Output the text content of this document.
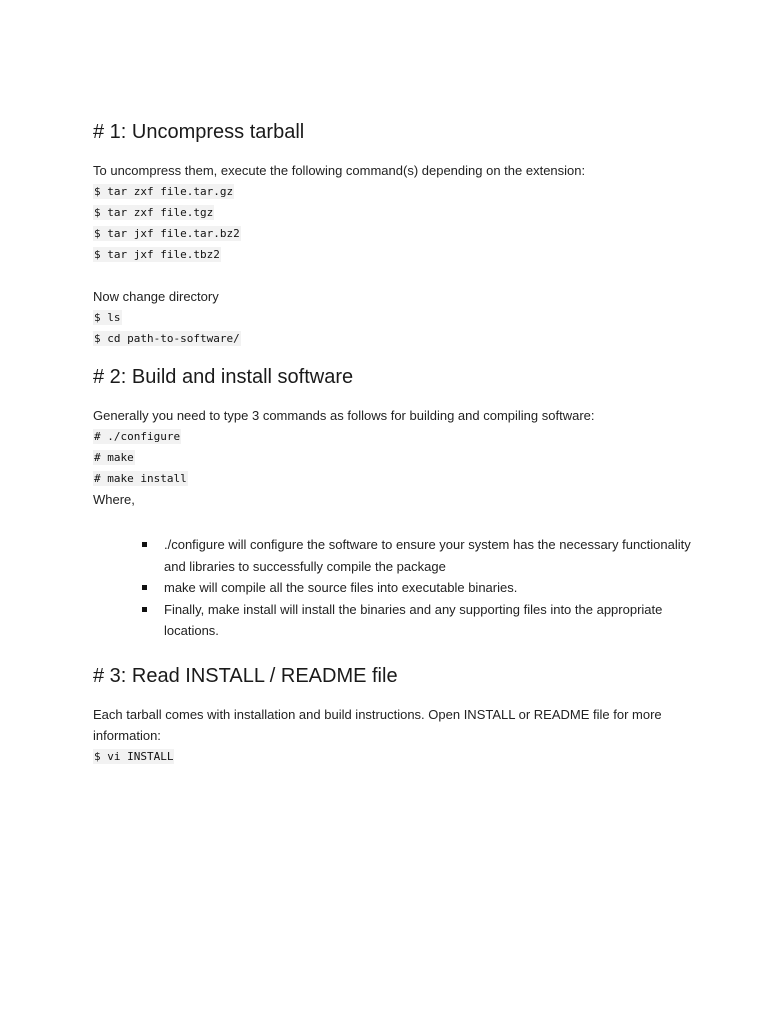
# 1: Uncompress tarball

To uncompress them, execute the following command(s) depending on the extension:

$ tar zxf file.tar.gz
$ tar zxf file.tgz
$ tar jxf file.tar.bz2
$ tar jxf file.tbz2

Now change directory

$ ls
$ cd path-to-software/
# 2: Build and install software

Generally you need to type 3 commands as follows for building and compiling software:

# ./configure
# make
# make install

Where,

./configure will configure the software to ensure your system has the necessary functionality and libraries to successfully compile the package
make will compile all the source files into executable binaries.
Finally, make install will install the binaries and any supporting files into the appropriate locations.
# 3: Read INSTALL / README file

Each tarball comes with installation and build instructions. Open INSTALL or README file for more information:

$ vi INSTALL
